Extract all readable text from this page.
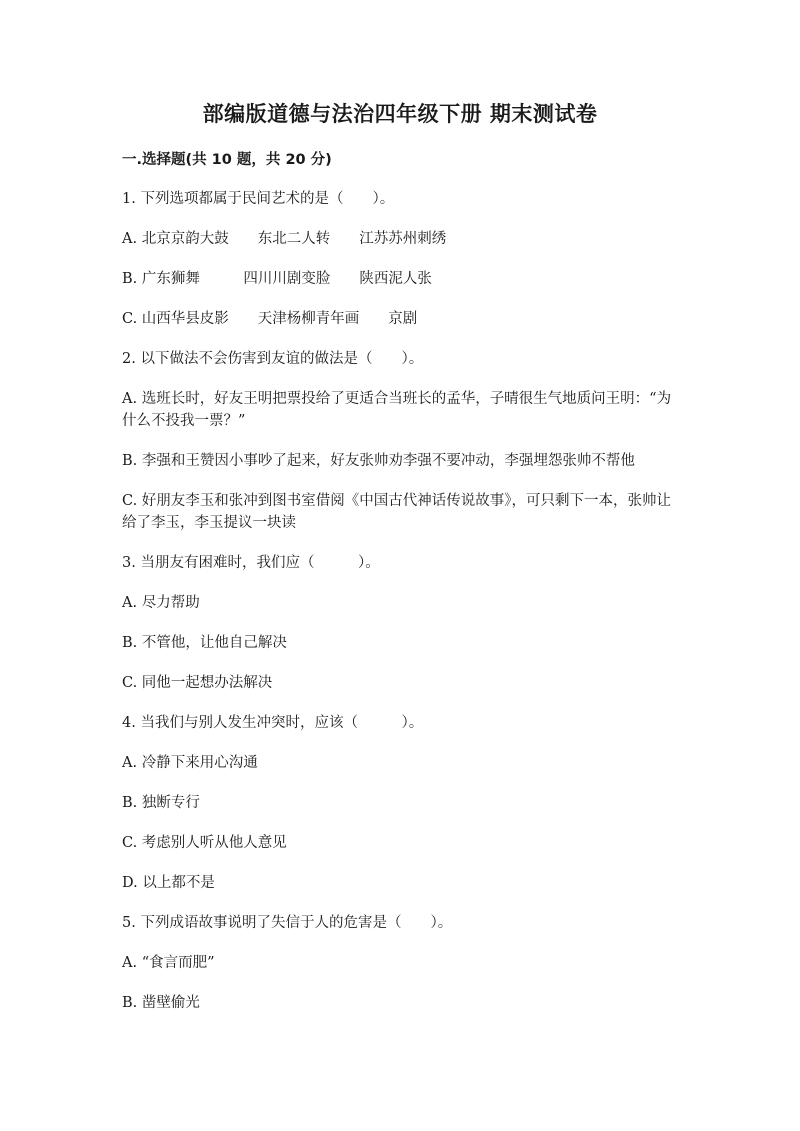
部编版道德与法治四年级下册 期末测试卷
一.选择题(共 10 题，共 20 分)
1. 下列选项都属于民间艺术的是（　　）。
A. 北京京韵大鼓　　东北二人转　　江苏苏州刺绣
B. 广东狮舞　　　四川川剧变脸　　陕西泥人张
C. 山西华县皮影　　天津杨柳青年画　　京剧
2. 以下做法不会伤害到友谊的做法是（　　）。
A. 选班长时，好友王明把票投给了更适合当班长的孟华，子晴很生气地质问王明：“为什么不投我一票？”
B. 李强和王赞因小事吵了起来，好友张帅劝李强不要冲动，李强埋怨张帅不帮他
C. 好朋友李玉和张冲到图书室借阅《中国古代神话传说故事》，可只剩下一本，张帅让给了李玉，李玉提议一块读
3. 当朋友有困难时，我们应（　　　）。
A. 尽力帮助
B. 不管他，让他自己解决
C. 同他一起想办法解决
4. 当我们与别人发生冲突时，应该（　　　）。
A. 冷静下来用心沟通
B. 独断专行
C. 考虑别人听从他人意见
D. 以上都不是
5. 下列成语故事说明了失信于人的危害是（　　）。
A. “食言而肥”
B. 凿壁偷光
